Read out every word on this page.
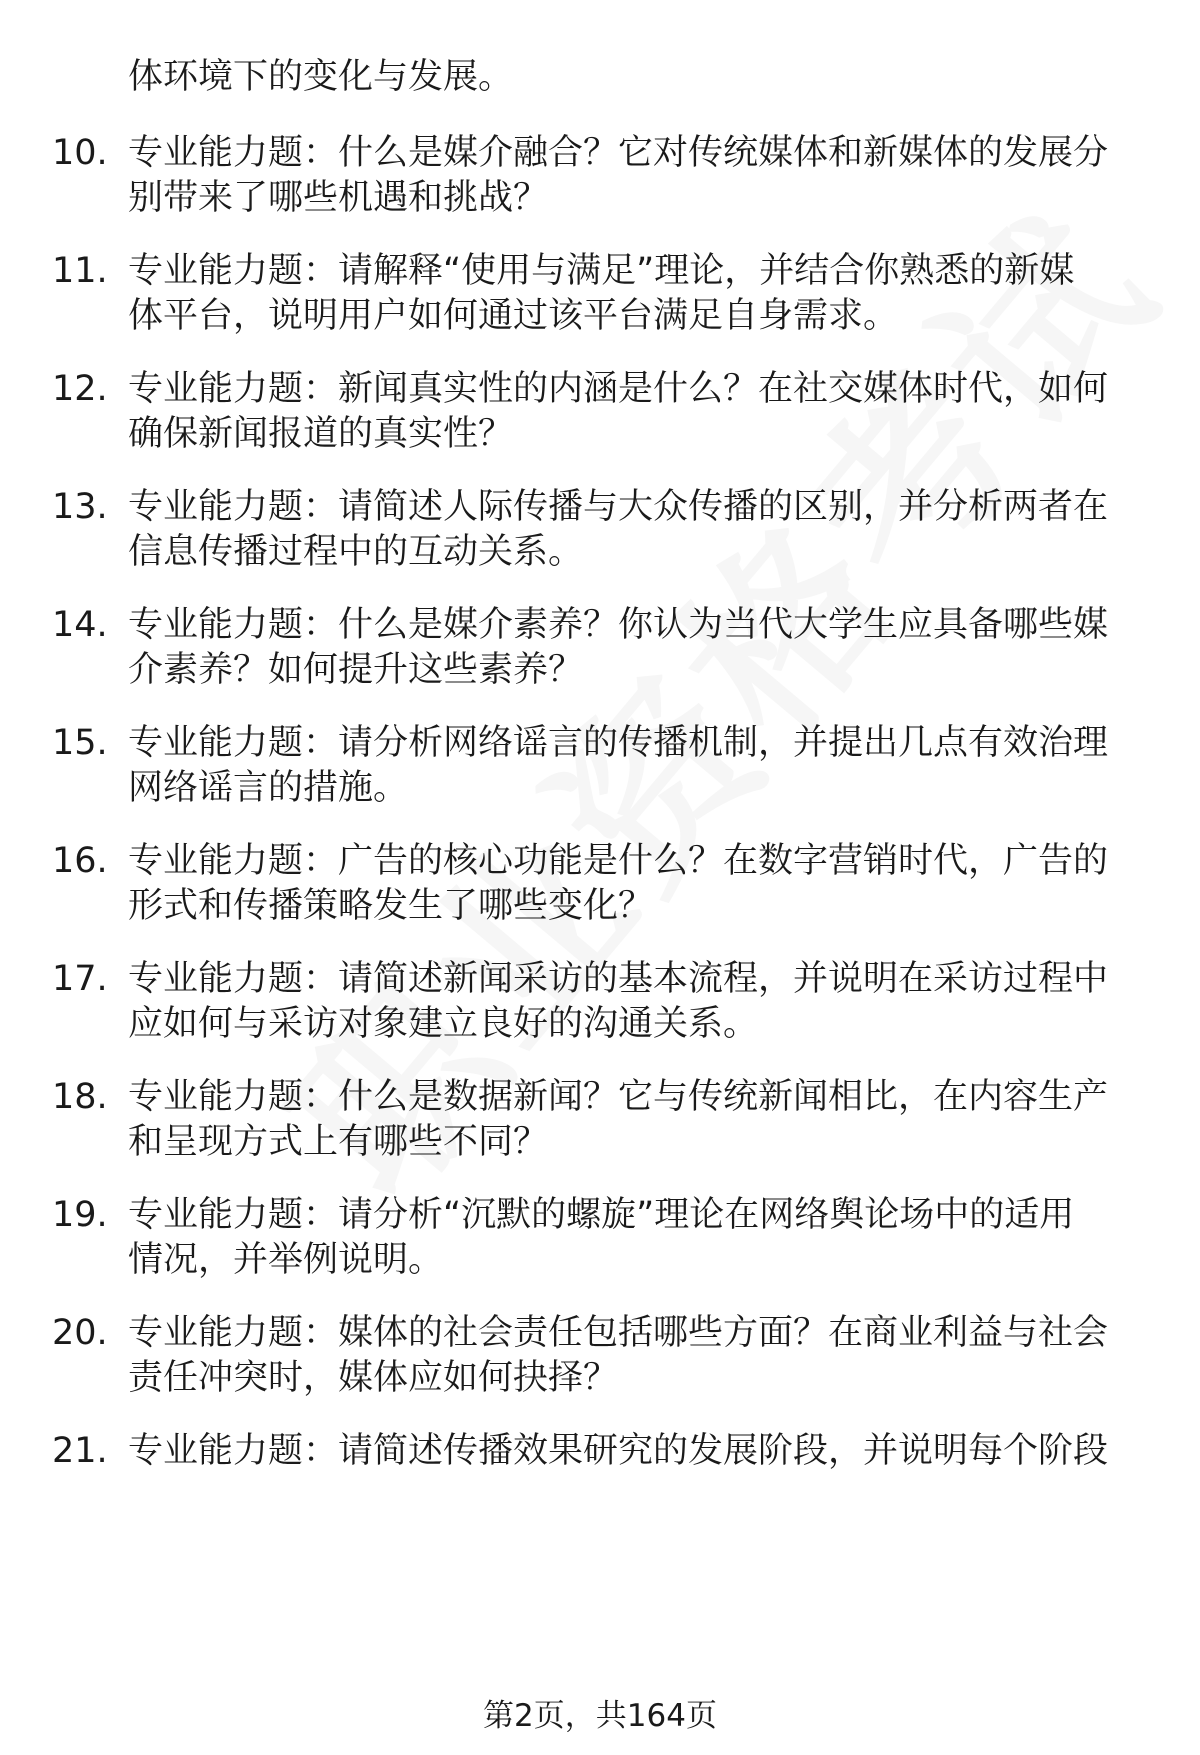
体环境下的变化与发展。
10. 专业能力题：什么是媒介融合？它对传统媒体和新媒体的发展分
别带来了哪些机遇和挑战？
11. 专业能力题：请解释“使用与满足”理论，并结合你熟悉的新媒
体平台，说明用户如何通过该平台满足自身需求。
12. 专业能力题：新闻真实性的内涵是什么？在社交媒体时代，如何
确保新闻报道的真实性？
13. 专业能力题：请简述人际传播与大众传播的区别，并分析两者在
信息传播过程中的互动关系。
14. 专业能力题：什么是媒介素养？你认为当代大学生应具备哪些媒
介素养？如何提升这些素养？
15. 专业能力题：请分析网络谣言的传播机制，并提出几点有效治理
网络谣言的措施。
16. 专业能力题：广告的核心功能是什么？在数字营销时代，广告的
形式和传播策略发生了哪些变化？
17. 专业能力题：请简述新闻采访的基本流程，并说明在采访过程中
应如何与采访对象建立良好的沟通关系。
18. 专业能力题：什么是数据新闻？它与传统新闻相比，在内容生产
和呈现方式上有哪些不同？
19. 专业能力题：请分析“沉默的螺旋”理论在网络舆论场中的适用
情况，并举例说明。
20. 专业能力题：媒体的社会责任包括哪些方面？在商业利益与社会
责任冲突时，媒体应如何抉择？
21. 专业能力题：请简述传播效果研究的发展阶段，并说明每个阶段
第2页，共164页
